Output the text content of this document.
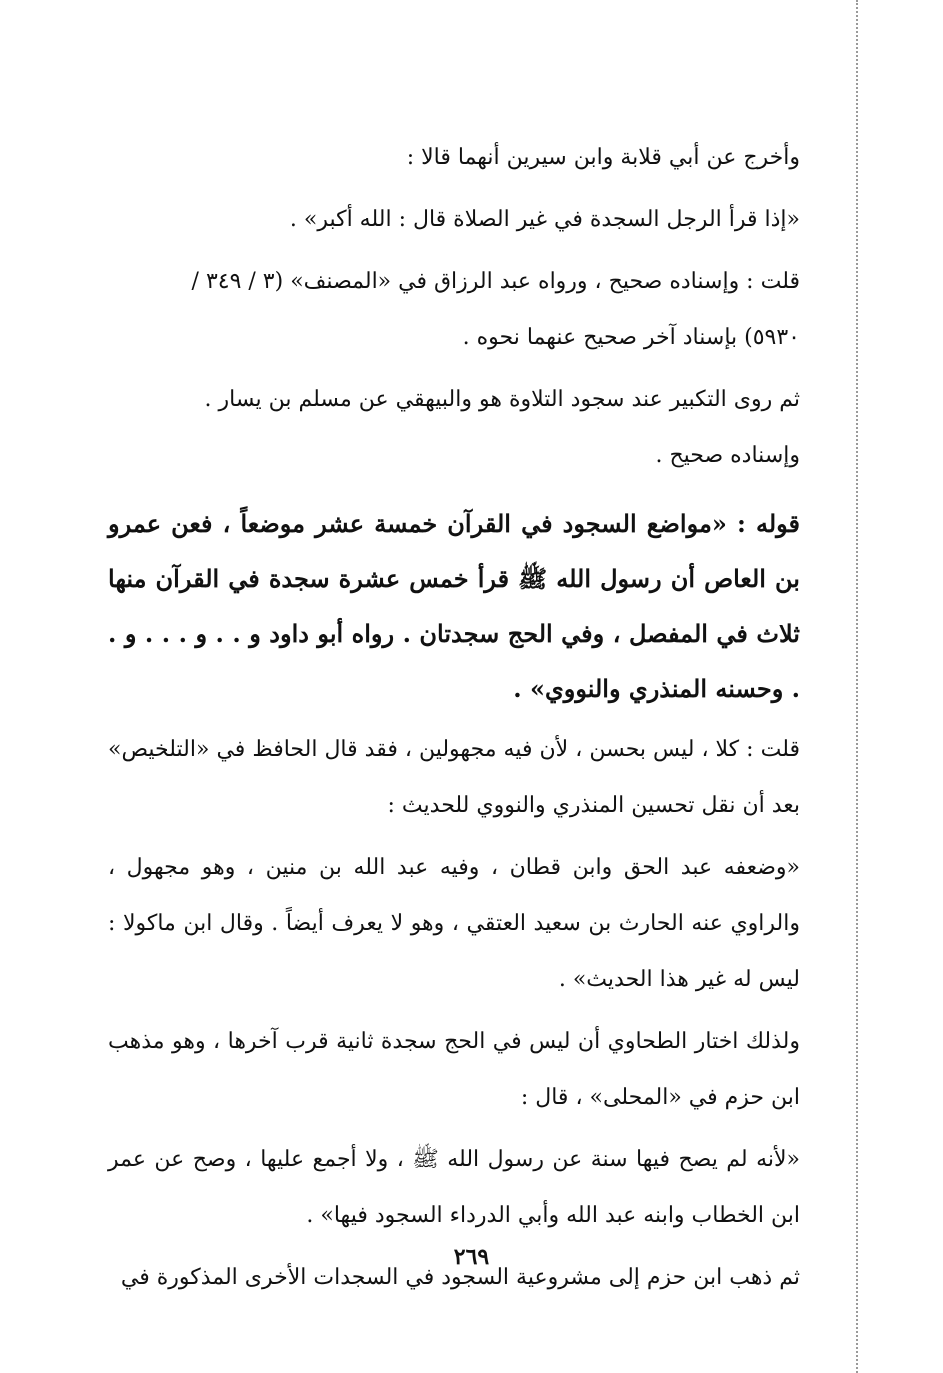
وأخرج عن أبي قلابة وابن سيرين أنهما قالا :

«إذا قرأ الرجل السجدة في غير الصلاة قال : الله أكبر» .

قلت : وإسناده صحيح ، ورواه عبد الرزاق في «المصنف» (٣ / ٣٤٩ /
٥٩٣٠) بإسناد آخر صحيح عنهما نحوه .

ثم روى التكبير عند سجود التلاوة هو والبيهقي عن مسلم بن يسار .

وإسناده صحيح .

قوله : «مواضع السجود في القرآن خمسة عشر موضعاً ، فعن عمرو بن العاص أن رسول الله ﷺ قرأ خمس عشرة سجدة في القرآن منها ثلاث في المفصل ، وفي الحج سجدتان . رواه أبو داود و . . و . . . و . . وحسنه المنذري والنووي» .

قلت : كلا ، ليس بحسن ، لأن فيه مجهولين ، فقد قال الحافظ في «التلخيص» بعد أن نقل تحسين المنذري والنووي للحديث :

«وضعفه عبد الحق وابن قطان ، وفيه عبد الله بن منين ، وهو مجهول ، والراوي عنه الحارث بن سعيد العتقي ، وهو لا يعرف أيضاً . وقال ابن ماكولا : ليس له غير هذا الحديث» .

ولذلك اختار الطحاوي أن ليس في الحج سجدة ثانية قرب آخرها ، وهو مذهب ابن حزم في «المحلى» ، قال :

«لأنه لم يصح فيها سنة عن رسول الله ﷺ ، ولا أجمع عليها ، وصح عن عمر ابن الخطاب وابنه عبد الله وأبي الدرداء السجود فيها» .

ثم ذهب ابن حزم إلى مشروعية السجود في السجدات الأخرى المذكورة في

٢٦٩
